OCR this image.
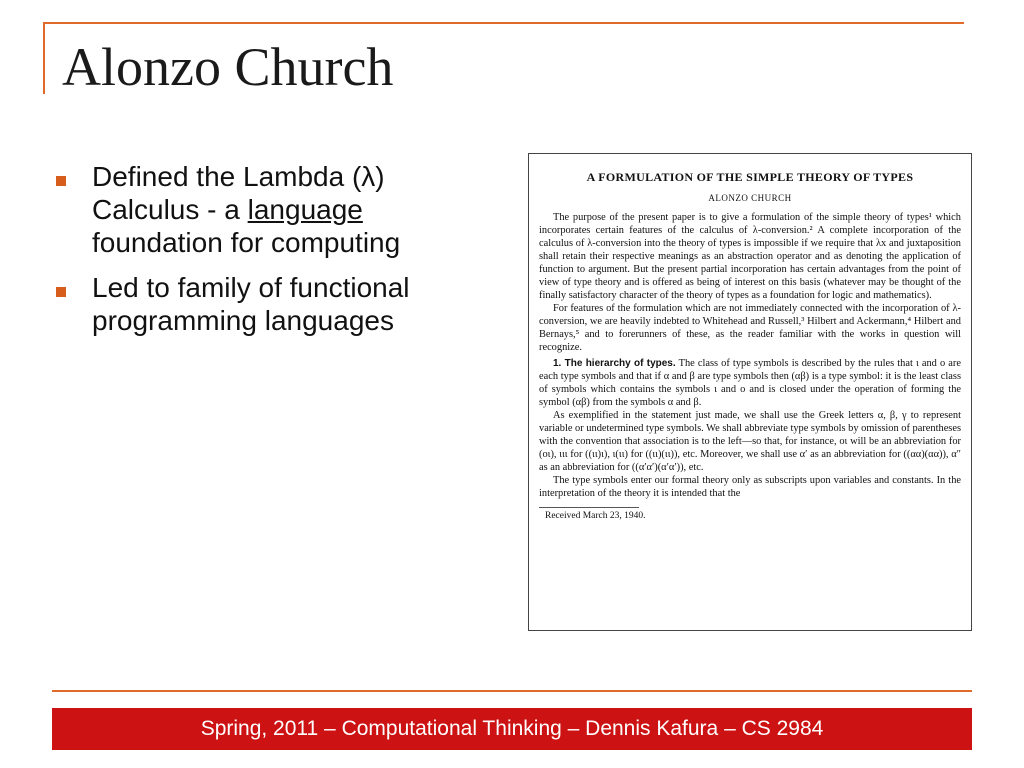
Alonzo Church
Defined the Lambda (λ) Calculus - a language foundation for computing
Led to family of functional programming languages
A FORMULATION OF THE SIMPLE THEORY OF TYPES
ALONZO CHURCH

The purpose of the present paper is to give a formulation of the simple theory of types¹ which incorporates certain features of the calculus of λ-conversion.² A complete incorporation of the calculus of λ-conversion into the theory of types is impossible if we require that λx and juxtaposition shall retain their respective meanings as an abstraction operator and as denoting the application of function to argument. But the present partial incorporation has certain advantages from the point of view of type theory and is offered as being of interest on this basis (whatever may be thought of the finally satisfactory character of the theory of types as a foundation for logic and mathematics).

For features of the formulation which are not immediately connected with the incorporation of λ-conversion, we are heavily indebted to Whitehead and Russell,³ Hilbert and Ackermann,⁴ Hilbert and Bernays,⁵ and to forerunners of these, as the reader familiar with the works in question will recognize.

1. The hierarchy of types. The class of type symbols is described by the rules that ι and o are each type symbols and that if α and β are type symbols then (αβ) is a type symbol: it is the least class of symbols which contains the symbols ι and o and is closed under the operation of forming the symbol (αβ) from the symbols α and β.

As exemplified in the statement just made, we shall use the Greek letters α, β, γ to represent variable or undetermined type symbols. We shall abbreviate type symbols by omission of parentheses with the convention that association is to the left—so that, for instance, oι will be an abbreviation for (oι), ιιι for ((ιι)ι), ι(ιι) for ((ιι)(ιι)), etc. Moreover, we shall use α′ as an abbreviation for ((αα)(αα)), α″ as an abbreviation for ((α′α′)(α′α′)), etc.

The type symbols enter our formal theory only as subscripts upon variables and constants. In the interpretation of the theory it is intended that the

Received March 23, 1940.

Spring, 2011 – Computational Thinking – Dennis Kafura – CS 2984
